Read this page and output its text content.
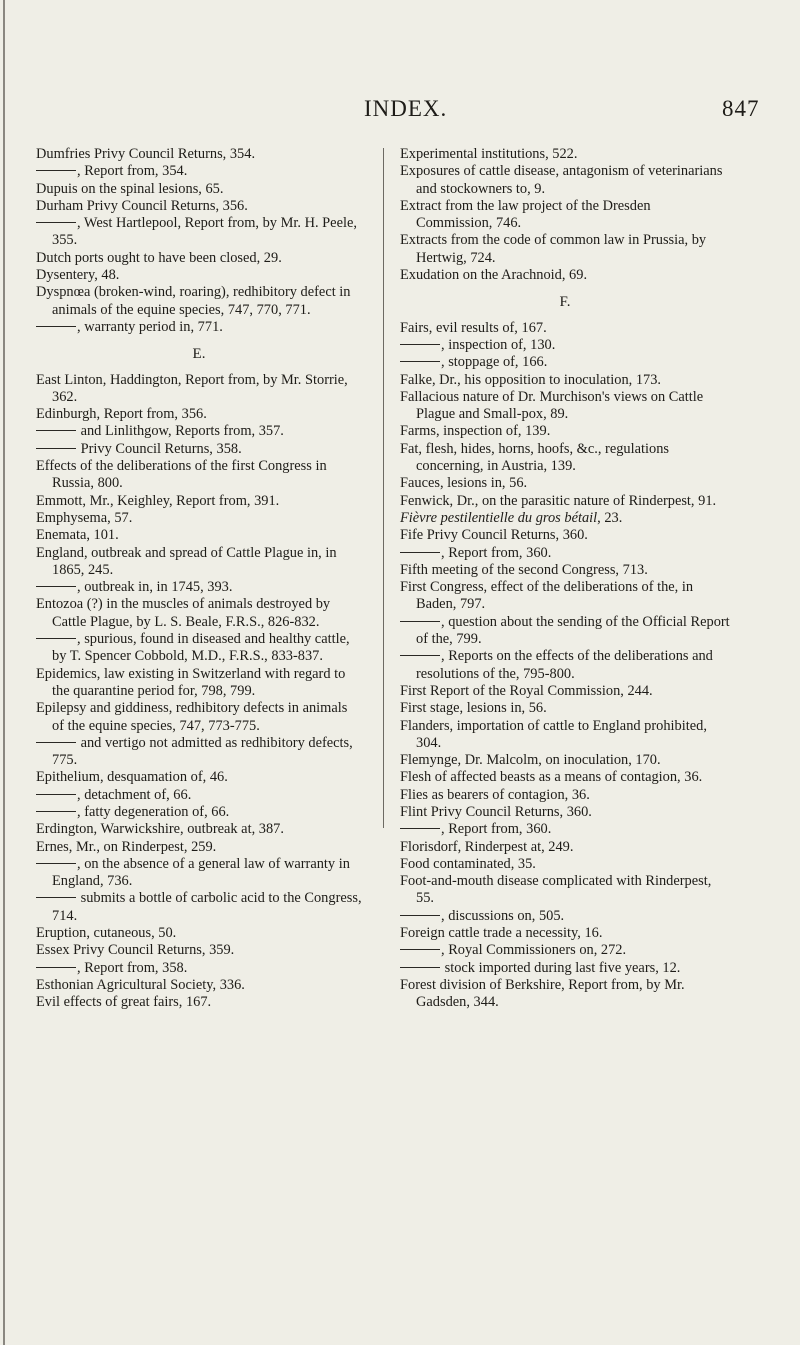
INDEX.	847
Dumfries Privy Council Returns, 354.
, Report from, 354.
Dupuis on the spinal lesions, 65.
Durham Privy Council Returns, 356.
, West Hartlepool, Report from, by Mr. H. Peele, 355.
Dutch ports ought to have been closed, 29.
Dysentery, 48.
Dyspnœa (broken-wind, roaring), redhibitory defect in animals of the equine species, 747, 770, 771.
, warranty period in, 771.
E.
East Linton, Haddington, Report from, by Mr. Storrie, 362.
Edinburgh, Report from, 356.
and Linlithgow, Reports from, 357.
Privy Council Returns, 358.
Effects of the deliberations of the first Congress in Russia, 800.
Emmott, Mr., Keighley, Report from, 391.
Emphysema, 57.
Enemata, 101.
England, outbreak and spread of Cattle Plague in, in 1865, 245.
, outbreak in, in 1745, 393.
Entozoa (?) in the muscles of animals destroyed by Cattle Plague, by L. S. Beale, F.R.S., 826-832.
, spurious, found in diseased and healthy cattle, by T. Spencer Cobbold, M.D., F.R.S., 833-837.
Epidemics, law existing in Switzerland with regard to the quarantine period for, 798, 799.
Epilepsy and giddiness, redhibitory defects in animals of the equine species, 747, 773-775.
and vertigo not admitted as redhibitory defects, 775.
Epithelium, desquamation of, 46.
, detachment of, 66.
, fatty degeneration of, 66.
Erdington, Warwickshire, outbreak at, 387.
Ernes, Mr., on Rinderpest, 259.
, on the absence of a general law of warranty in England, 736.
submits a bottle of carbolic acid to the Congress, 714.
Eruption, cutaneous, 50.
Essex Privy Council Returns, 359.
, Report from, 358.
Esthonian Agricultural Society, 336.
Evil effects of great fairs, 167.
Experimental institutions, 522.
Exposures of cattle disease, antagonism of veterinarians and stockowners to, 9.
Extract from the law project of the Dresden Commission, 746.
Extracts from the code of common law in Prussia, by Hertwig, 724.
Exudation on the Arachnoid, 69.
F.
Fairs, evil results of, 167.
, inspection of, 130.
, stoppage of, 166.
Falke, Dr., his opposition to inoculation, 173.
Fallacious nature of Dr. Murchison's views on Cattle Plague and Small-pox, 89.
Farms, inspection of, 139.
Fat, flesh, hides, horns, hoofs, &c., regulations concerning, in Austria, 139.
Fauces, lesions in, 56.
Fenwick, Dr., on the parasitic nature of Rinderpest, 91.
Fièvre pestilentielle du gros bétail, 23.
Fife Privy Council Returns, 360.
, Report from, 360.
Fifth meeting of the second Congress, 713.
First Congress, effect of the deliberations of the, in Baden, 797.
, question about the sending of the Official Report of the, 799.
, Reports on the effects of the deliberations and resolutions of the, 795-800.
First Report of the Royal Commission, 244.
First stage, lesions in, 56.
Flanders, importation of cattle to England prohibited, 304.
Flemynge, Dr. Malcolm, on inoculation, 170.
Flesh of affected beasts as a means of contagion, 36.
Flies as bearers of contagion, 36.
Flint Privy Council Returns, 360.
, Report from, 360.
Florisdorf, Rinderpest at, 249.
Food contaminated, 35.
Foot-and-mouth disease complicated with Rinderpest, 55.
, discussions on, 505.
Foreign cattle trade a necessity, 16.
, Royal Commissioners on, 272.
stock imported during last five years, 12.
Forest division of Berkshire, Report from, by Mr. Gadsden, 344.
